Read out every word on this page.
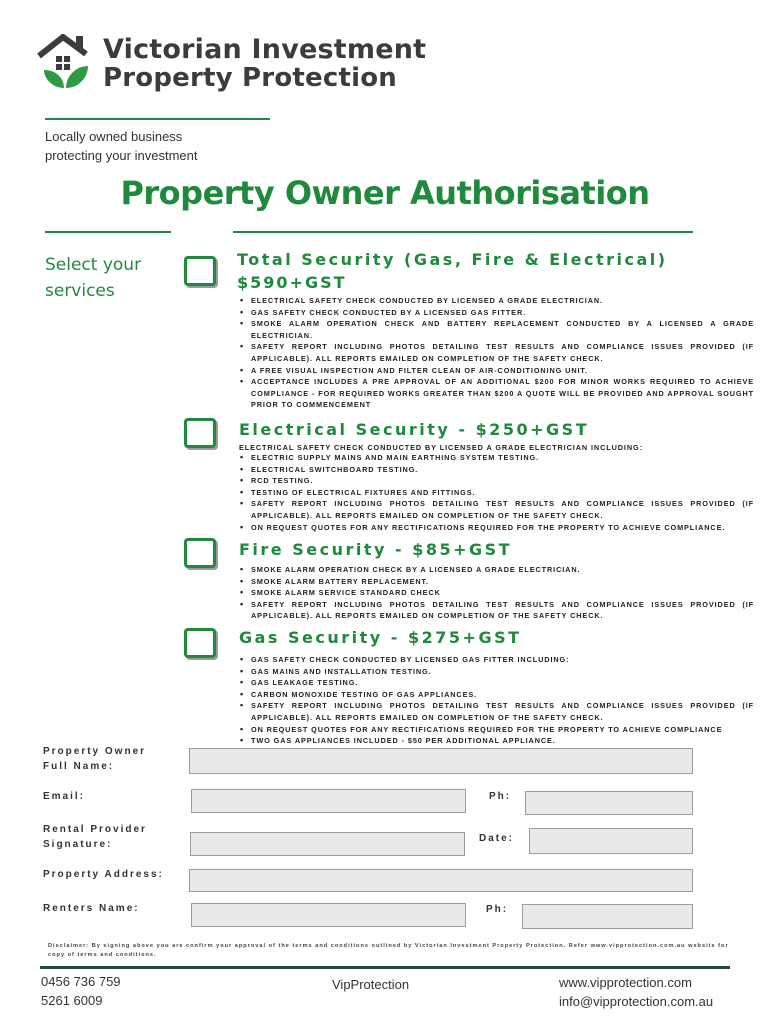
Victorian Investment
Property Protection
Locally owned business
protecting your investment
Property Owner Authorisation
Select your
services
Total Security (Gas, Fire & Electrical)
$590+GST
• ELECTRICAL SAFETY CHECK CONDUCTED BY LICENSED A GRADE ELECTRICIAN.
• GAS SAFETY CHECK CONDUCTED BY A LICENSED GAS FITTER.
• SMOKE ALARM OPERATION CHECK AND BATTERY REPLACEMENT CONDUCTED BY A LICENSED A GRADE ELECTRICIAN.
• SAFETY REPORT INCLUDING PHOTOS DETAILING TEST RESULTS AND COMPLIANCE ISSUES PROVIDED (IF APPLICABLE). ALL REPORTS EMAILED ON COMPLETION OF THE SAFETY CHECK.
• A FREE VISUAL INSPECTION AND FILTER CLEAN OF AIR-CONDITIONING UNIT.
• ACCEPTANCE INCLUDES A PRE APPROVAL OF AN ADDITIONAL $200 FOR MINOR WORKS REQUIRED TO ACHIEVE COMPLIANCE - FOR REQUIRED WORKS GREATER THAN $200 A QUOTE WILL BE PROVIDED AND APPROVAL SOUGHT PRIOR TO COMMENCEMENT
Electrical Security - $250+GST
ELECTRICAL SAFETY CHECK CONDUCTED BY LICENSED A GRADE ELECTRICIAN INCLUDING:
• ELECTRIC SUPPLY MAINS AND MAIN EARTHING SYSTEM TESTING.
• ELECTRICAL SWITCHBOARD TESTING.
• RCD TESTING.
• TESTING OF ELECTRICAL FIXTURES AND FITTINGS.
• SAFETY REPORT INCLUDING PHOTOS DETAILING TEST RESULTS AND COMPLIANCE ISSUES PROVIDED (IF APPLICABLE). ALL REPORTS EMAILED ON COMPLETION OF THE SAFETY CHECK.
• ON REQUEST QUOTES FOR ANY RECTIFICATIONS REQUIRED FOR THE PROPERTY TO ACHIEVE COMPLIANCE.
Fire Security - $85+GST
• SMOKE ALARM OPERATION CHECK BY A LICENSED A GRADE ELECTRICIAN.
• SMOKE ALARM BATTERY REPLACEMENT.
• SMOKE ALARM SERVICE STANDARD CHECK
• SAFETY REPORT INCLUDING PHOTOS DETAILING TEST RESULTS AND COMPLIANCE ISSUES PROVIDED (IF APPLICABLE). ALL REPORTS EMAILED ON COMPLETION OF THE SAFETY CHECK.
Gas Security - $275+GST
• GAS SAFETY CHECK CONDUCTED BY LICENSED GAS FITTER INCLUDING:
• GAS MAINS AND INSTALLATION TESTING.
• GAS LEAKAGE TESTING.
• CARBON MONOXIDE TESTING OF GAS APPLIANCES.
• SAFETY REPORT INCLUDING PHOTOS DETAILING TEST RESULTS AND COMPLIANCE ISSUES PROVIDED (IF APPLICABLE). ALL REPORTS EMAILED ON COMPLETION OF THE SAFETY CHECK.
• ON REQUEST QUOTES FOR ANY RECTIFICATIONS REQUIRED FOR THE PROPERTY TO ACHIEVE COMPLIANCE
• TWO GAS APPLIANCES INCLUDED - $50 PER ADDITIONAL APPLIANCE.
Property Owner
Full Name:
Email:	Ph:
Rental Provider
Signature:
Date:
Property Address:
Renters Name:	Ph:
Disclaimer: By signing above you are confirm your approval of the terms and conditions outlined by Victorian Investment Property Protection. Refer www.vipprotection.com.au website for copy of terms and conditions.
0456 736 759
5261 6009
VipProtection	www.vipprotection.com
info@vipprotection.com.au
